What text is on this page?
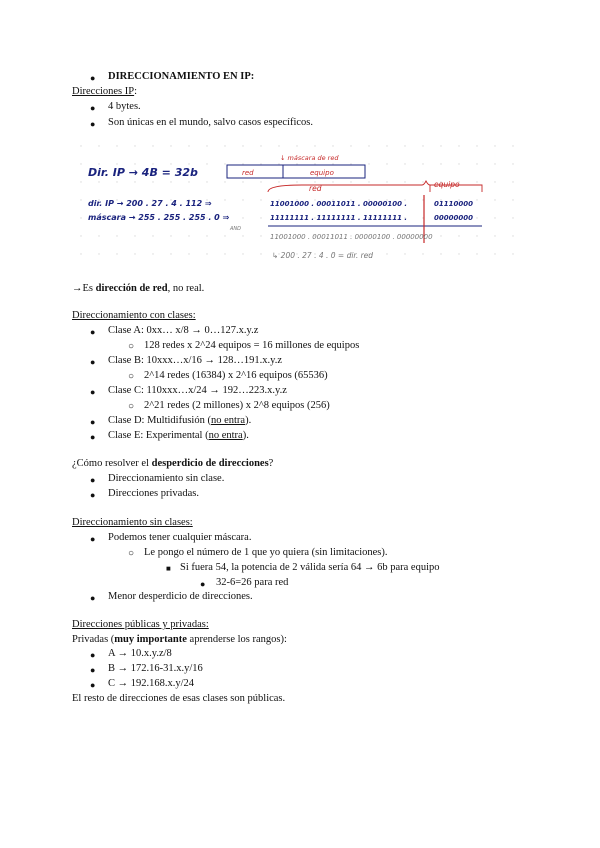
● DIRECCIONAMIENTO EN IP:
Direcciones IP:
● 4 bytes.
● Son únicas en el mundo, salvo casos específicos.
Dir. IP → 4B = 32b	red	equipo
↓ máscara de red
red	equipo
dir. IP → 200 . 27 . 4 . 112 ⇒	11001000 . 00011011 . 00000100 .	01110000
máscara → 255 . 255 . 255 . 0 ⇒	11111111 . 11111111 . 11111111 .	00000000
AND
11001000 . 00011011 . 00000100 . 00000000
↳ 200 . 27 . 4 . 0 = dir. red
→Es dirección de red, no real.
Direccionamiento con clases:
● Clase A: 0xx… x/8 → 0…127.x.y.z
○ 128 redes x 2^24 equipos = 16 millones de equipos
● Clase B: 10xxx…x/16 → 128…191.x.y.z
○ 2^14 redes (16384) x 2^16 equipos (65536)
● Clase C: 110xxx…x/24 → 192…223.x.y.z
○ 2^21 redes (2 millones) x 2^8 equipos (256)
● Clase D: Multidifusión (no entra).
● Clase E: Experimental (no entra).
¿Cómo resolver el desperdicio de direcciones?
● Direccionamiento sin clase.
● Direcciones privadas.
Direccionamiento sin clases:
● Podemos tener cualquier máscara.
○ Le pongo el número de 1 que yo quiera (sin limitaciones).
■ Si fuera 54, la potencia de 2 válida sería 64 → 6b para equipo
● 32-6=26 para red
● Menor desperdicio de direcciones.
Direcciones públicas y privadas:
Privadas (muy importante aprenderse los rangos):
● A → 10.x.y.z/8
● B → 172.16-31.x.y/16
● C → 192.168.x.y/24
El resto de direcciones de esas clases son públicas.
